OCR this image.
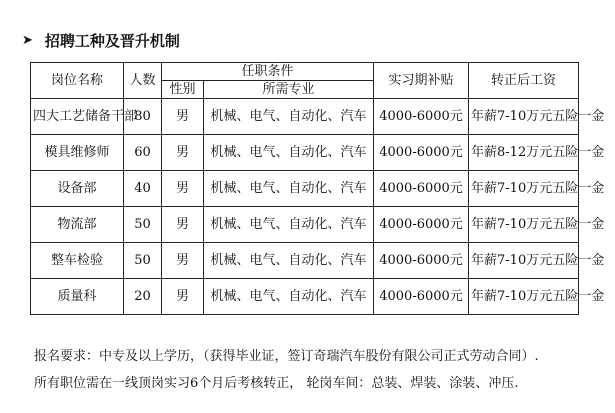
➤ 招聘工种及晋升机制
岗位名称	人数	任职条件		实习期补贴	转正后工资
		性别	所需专业		
四大工艺储备干部	80	男	机械、电气、自动化、汽车	4000-6000元	年薪7-10万元五险一金
模具维修师	60	男	机械、电气、自动化、汽车	4000-6000元	年薪8-12万元五险一金
设备部	40	男	机械、电气、自动化、汽车	4000-6000元	年薪7-10万元五险一金
物流部	50	男	机械、电气、自动化、汽车	4000-6000元	年薪7-10万元五险一金
整车检验	50	男	机械、电气、自动化、汽车	4000-6000元	年薪7-10万元五险一金
质量科	20	男	机械、电气、自动化、汽车	4000-6000元	年薪7-10万元五险一金
报名要求：中专及以上学历，（获得毕业证，签订奇瑞汽车股份有限公司正式劳动合同）.
所有职位需在一线顶岗实习6个月后考核转正， 轮岗车间：总装、焊装、涂装、冲压.
